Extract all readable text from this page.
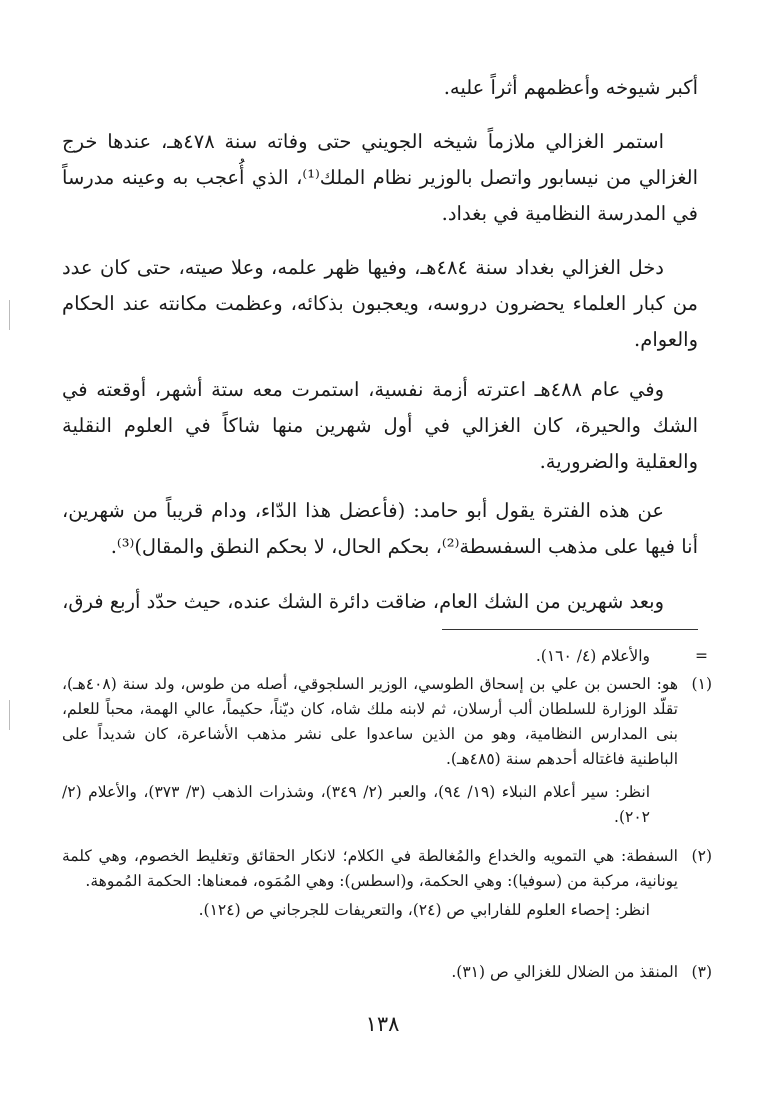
أكبر شيوخه وأعظمهم أثراً عليه.

استمر الغزالي ملازماً شيخه الجويني حتى وفاته سنة ٤٧٨هـ، عندها خرج الغزالي من نيسابور واتصل بالوزير نظام الملك⁽¹⁾، الذي أُعجب به وعينه مدرساً في المدرسة النظامية في بغداد.

دخل الغزالي بغداد سنة ٤٨٤هـ، وفيها ظهر علمه، وعلا صيته، حتى كان عدد من كبار العلماء يحضرون دروسه، ويعجبون بذكائه، وعظمت مكانته عند الحكام والعوام.

وفي عام ٤٨٨هـ اعترته أزمة نفسية، استمرت معه ستة أشهر، أوقعته في الشك والحيرة، كان الغزالي في أول شهرين منها شاكاً في العلوم النقلية والعقلية والضرورية.

عن هذه الفترة يقول أبو حامد: (فأعضل هذا الدّاء، ودام قريباً من شهرين، أنا فيها على مذهب السفسطة⁽²⁾، بحكم الحال، لا بحكم النطق والمقال)⁽³⁾.

وبعد شهرين من الشك العام، ضاقت دائرة الشك عنده، حيث حدّد أربع فرق،

=
والأعلام (٤/ ١٦٠).
(١)
هو: الحسن بن علي بن إسحاق الطوسي، الوزير السلجوقي، أصله من طوس، ولد سنة (٤٠٨هـ)، تقلّد الوزارة للسلطان ألب أرسلان، ثم لابنه ملك شاه، كان ديّناً، حكيماً، عالي الهمة، محباً للعلم، بنى المدارس النظامية، وهو من الذين ساعدوا على نشر مذهب الأشاعرة، كان شديداً على الباطنية فاغتاله أحدهم سنة (٤٨٥هـ).
انظر: سير أعلام النبلاء (١٩/ ٩٤)، والعبر (٢/ ٣٤٩)، وشذرات الذهب (٣/ ٣٧٣)، والأعلام (٢/ ٢٠٢).
(٢)
السفطة: هي التمويه والخداع والمُغالطة في الكلام؛ لانكار الحقائق وتغليط الخصوم، وهي كلمة يونانية، مركبة من (سوفيا): وهي الحكمة، و(اسطس): وهي المُمَوه، فمعناها: الحكمة المُموهة.
انظر: إحصاء العلوم للفارابي ص (٢٤)، والتعريفات للجرجاني ص (١٢٤).
(٣)
المنقذ من الضلال للغزالي ص (٣١).
١٣٨
